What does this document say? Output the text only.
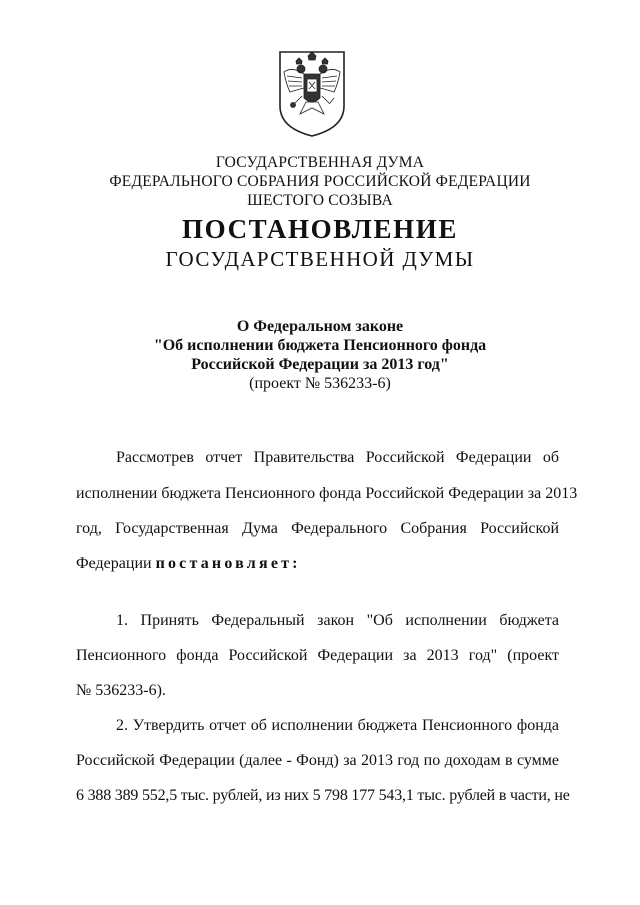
ГОСУДАРСТВЕННАЯ ДУМА
ФЕДЕРАЛЬНОГО СОБРАНИЯ РОССИЙСКОЙ ФЕДЕРАЦИИ
ШЕСТОГО СОЗЫВА
ПОСТАНОВЛЕНИЕ
ГОСУДАРСТВЕННОЙ ДУМЫ
О Федеральном законе
"Об исполнении бюджета Пенсионного фонда
Российской Федерации за 2013 год"
(проект № 536233-6)
Рассмотрев отчет Правительства Российской Федерации об
исполнении бюджета Пенсионного фонда Российской Федерации за 2013
год, Государственная Дума Федерального Собрания Российской
Федерации постановляет:
1. Принять Федеральный закон "Об исполнении бюджета
Пенсионного фонда Российской Федерации за 2013 год" (проект
№ 536233-6).
2. Утвердить отчет об исполнении бюджета Пенсионного фонда
Российской Федерации (далее - Фонд) за 2013 год по доходам в сумме
6 388 389 552,5 тыс. рублей, из них 5 798 177 543,1 тыс. рублей в части, не
